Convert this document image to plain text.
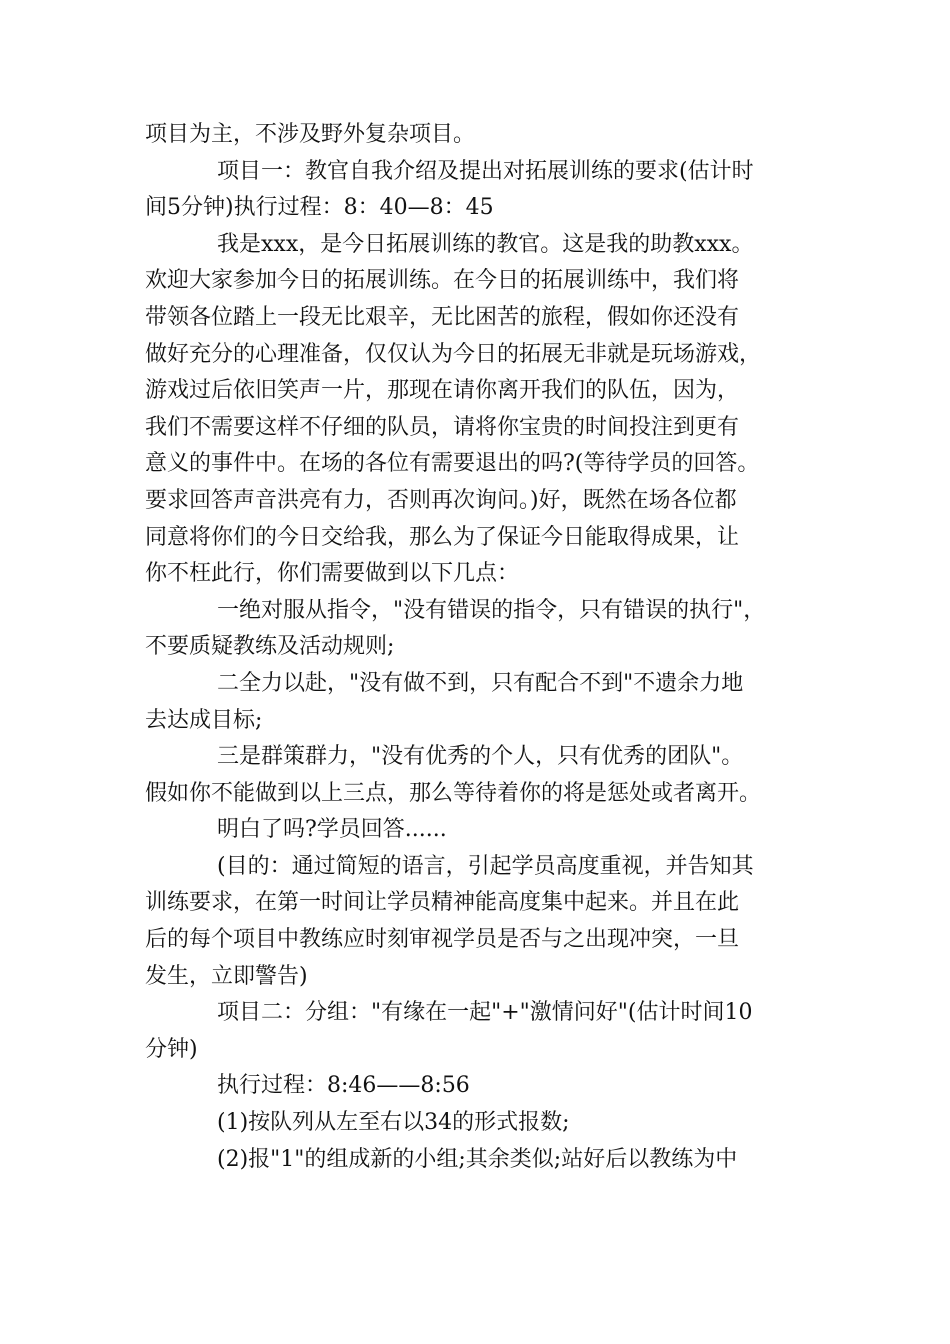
项目为主，不涉及野外复杂项目。
项目一：教官自我介绍及提出对拓展训练的要求(估计时
间5分钟)执行过程：8：40—8：45
我是xxx，是今日拓展训练的教官。这是我的助教xxx。
欢迎大家参加今日的拓展训练。在今日的拓展训练中，我们将
带领各位踏上一段无比艰辛，无比困苦的旅程，假如你还没有
做好充分的心理准备，仅仅认为今日的拓展无非就是玩场游戏，
游戏过后依旧笑声一片，那现在请你离开我们的队伍，因为，
我们不需要这样不仔细的队员，请将你宝贵的时间投注到更有
意义的事件中。在场的各位有需要退出的吗?(等待学员的回答。
要求回答声音洪亮有力，否则再次询问。)好，既然在场各位都
同意将你们的今日交给我，那么为了保证今日能取得成果，让
你不枉此行，你们需要做到以下几点：
一绝对服从指令，"没有错误的指令，只有错误的执行"，
不要质疑教练及活动规则;
二全力以赴，"没有做不到，只有配合不到"不遗余力地
去达成目标;
三是群策群力，"没有优秀的个人，只有优秀的团队"。
假如你不能做到以上三点，那么等待着你的将是惩处或者离开。
明白了吗?学员回答......
(目的：通过简短的语言，引起学员高度重视，并告知其
训练要求，在第一时间让学员精神能高度集中起来。并且在此
后的每个项目中教练应时刻审视学员是否与之出现冲突，一旦
发生，立即警告)
项目二：分组："有缘在一起"+"激情问好"(估计时间10
分钟)
执行过程：8:46——8:56
(1)按队列从左至右以34的形式报数;
(2)报"1"的组成新的小组;其余类似;站好后以教练为中
